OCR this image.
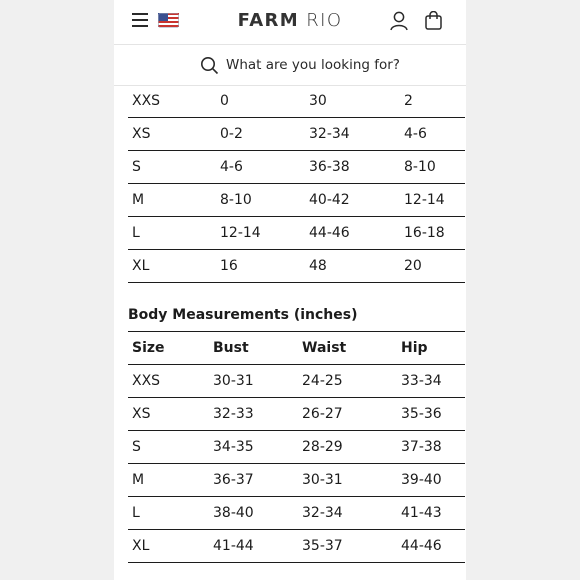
FARM RIO
What are you looking for?
XXS	0	30	2
XS	0-2	32-34	4-6
S	4-6	36-38	8-10
M	8-10	40-42	12-14
L	12-14	44-46	16-18
XL	16	48	20
Body Measurements (inches)
Size	Bust	Waist	Hip
XXS	30-31	24-25	33-34
XS	32-33	26-27	35-36
S	34-35	28-29	37-38
M	36-37	30-31	39-40
L	38-40	32-34	41-43
XL	41-44	35-37	44-46
